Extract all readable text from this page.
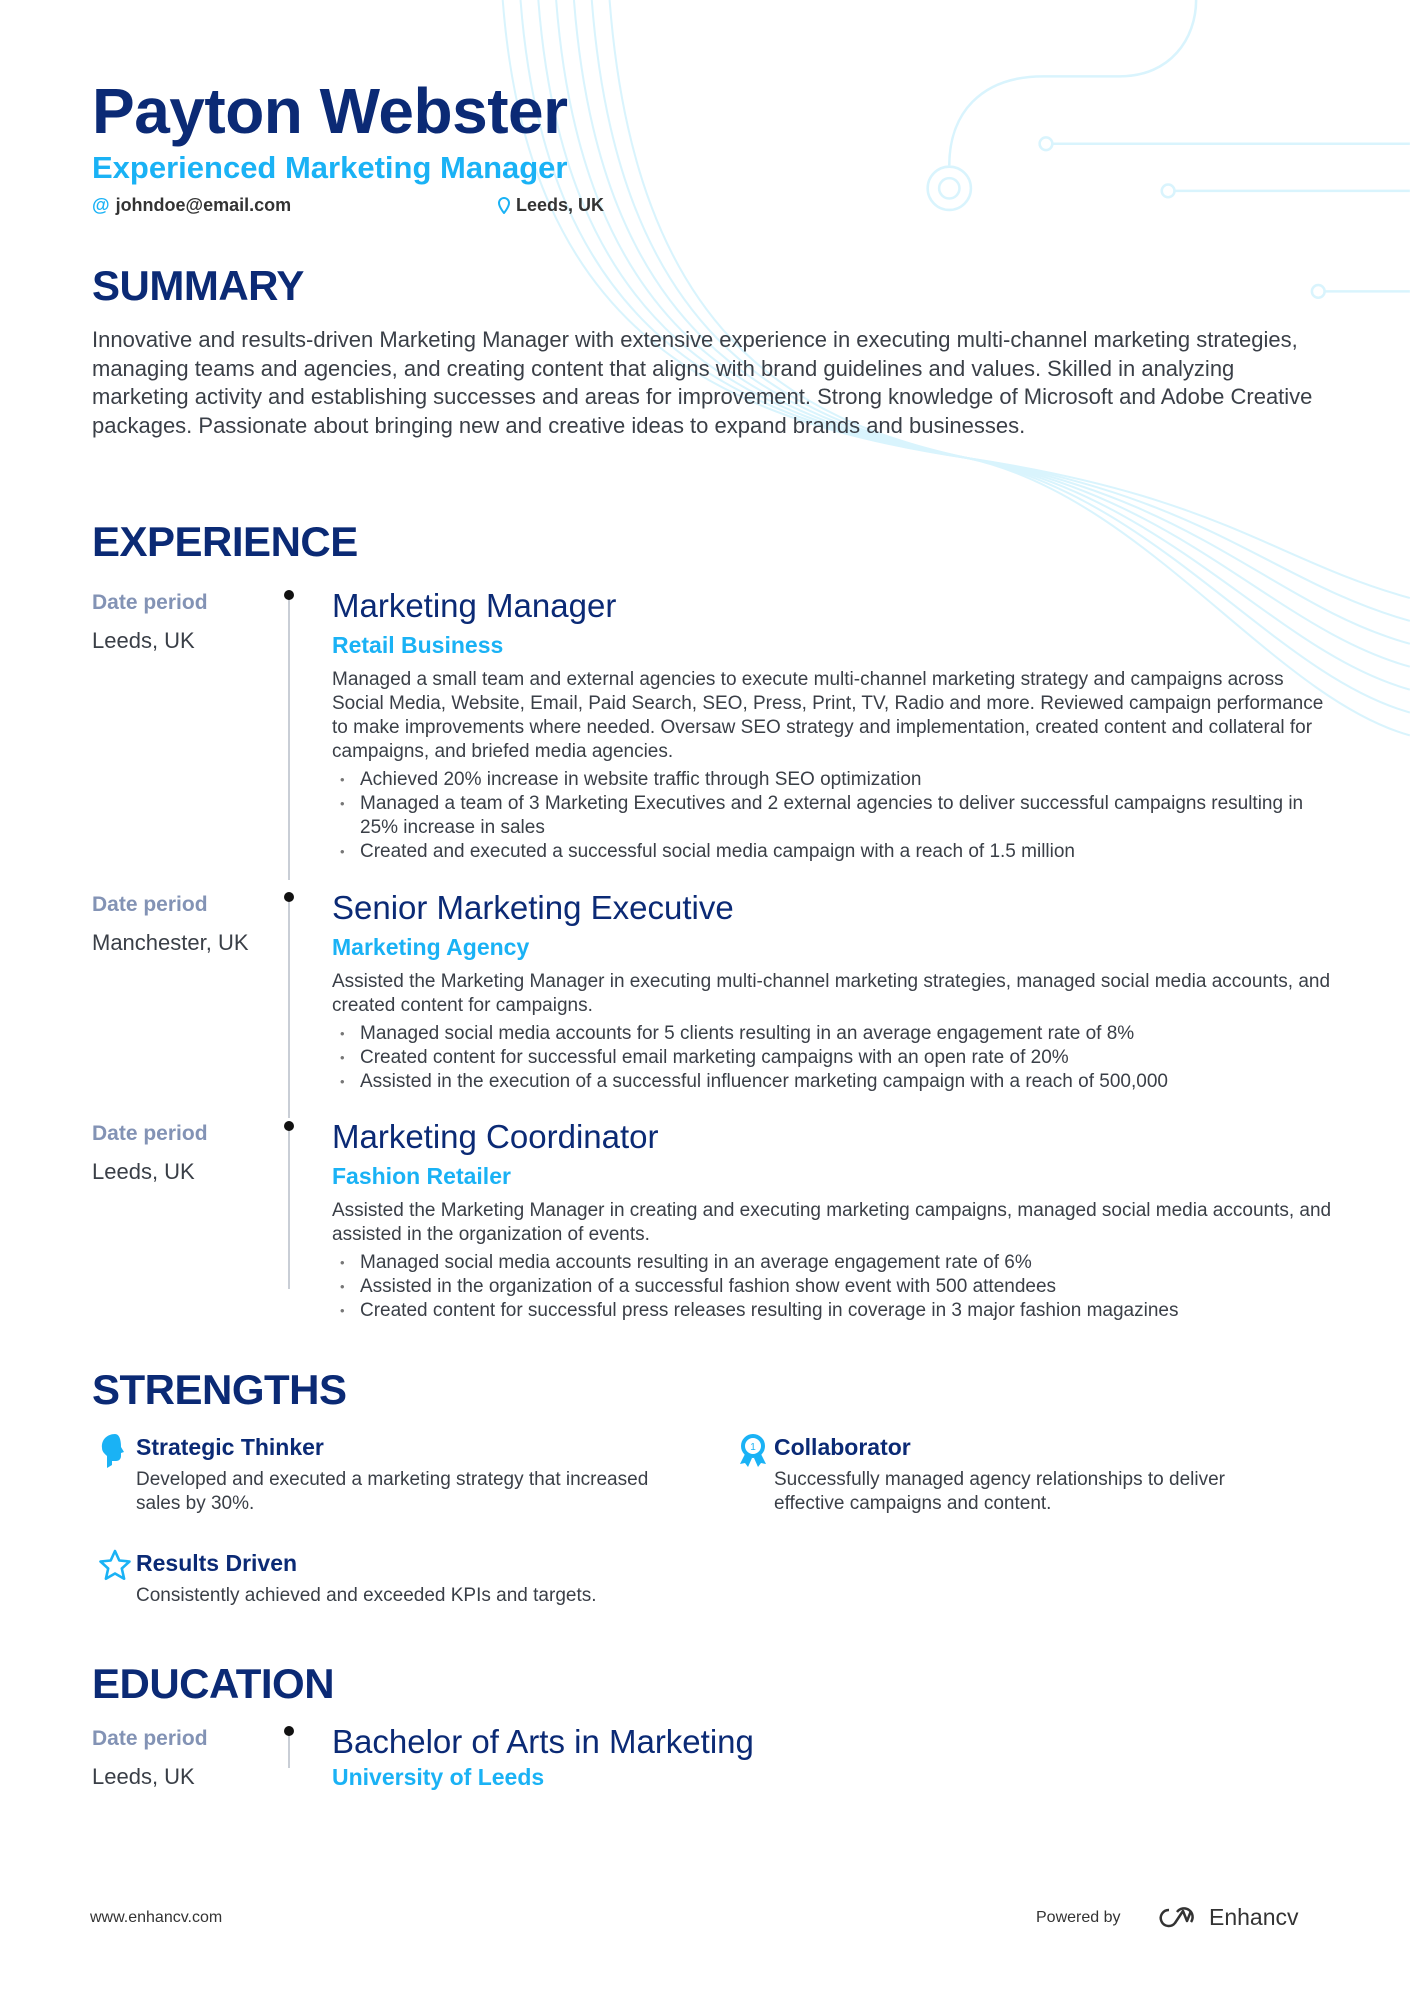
Payton Webster
Experienced Marketing Manager
@ johndoe@email.com	Leeds, UK
SUMMARY
Innovative and results-driven Marketing Manager with extensive experience in executing multi-channel marketing strategies, managing teams and agencies, and creating content that aligns with brand guidelines and values. Skilled in analyzing marketing activity and establishing successes and areas for improvement. Strong knowledge of Microsoft and Adobe Creative packages. Passionate about bringing new and creative ideas to expand brands and businesses.
EXPERIENCE
Date period
Leeds, UK
Marketing Manager
Retail Business
Managed a small team and external agencies to execute multi-channel marketing strategy and campaigns across Social Media, Website, Email, Paid Search, SEO, Press, Print, TV, Radio and more. Reviewed campaign performance to make improvements where needed. Oversaw SEO strategy and implementation, created content and collateral for campaigns, and briefed media agencies.
• Achieved 20% increase in website traffic through SEO optimization
• Managed a team of 3 Marketing Executives and 2 external agencies to deliver successful campaigns resulting in 25% increase in sales
• Created and executed a successful social media campaign with a reach of 1.5 million
Date period
Manchester, UK
Senior Marketing Executive
Marketing Agency
Assisted the Marketing Manager in executing multi-channel marketing strategies, managed social media accounts, and created content for campaigns.
• Managed social media accounts for 5 clients resulting in an average engagement rate of 8%
• Created content for successful email marketing campaigns with an open rate of 20%
• Assisted in the execution of a successful influencer marketing campaign with a reach of 500,000
Date period
Leeds, UK
Marketing Coordinator
Fashion Retailer
Assisted the Marketing Manager in creating and executing marketing campaigns, managed social media accounts, and assisted in the organization of events.
• Managed social media accounts resulting in an average engagement rate of 6%
• Assisted in the organization of a successful fashion show event with 500 attendees
• Created content for successful press releases resulting in coverage in 3 major fashion magazines
STRENGTHS
Strategic Thinker
Developed and executed a marketing strategy that increased sales by 30%.
1 Collaborator
Successfully managed agency relationships to deliver effective campaigns and content.
Results Driven
Consistently achieved and exceeded KPIs and targets.
EDUCATION
Date period
Leeds, UK
Bachelor of Arts in Marketing
University of Leeds
www.enhancv.com	Powered by	Enhancv
